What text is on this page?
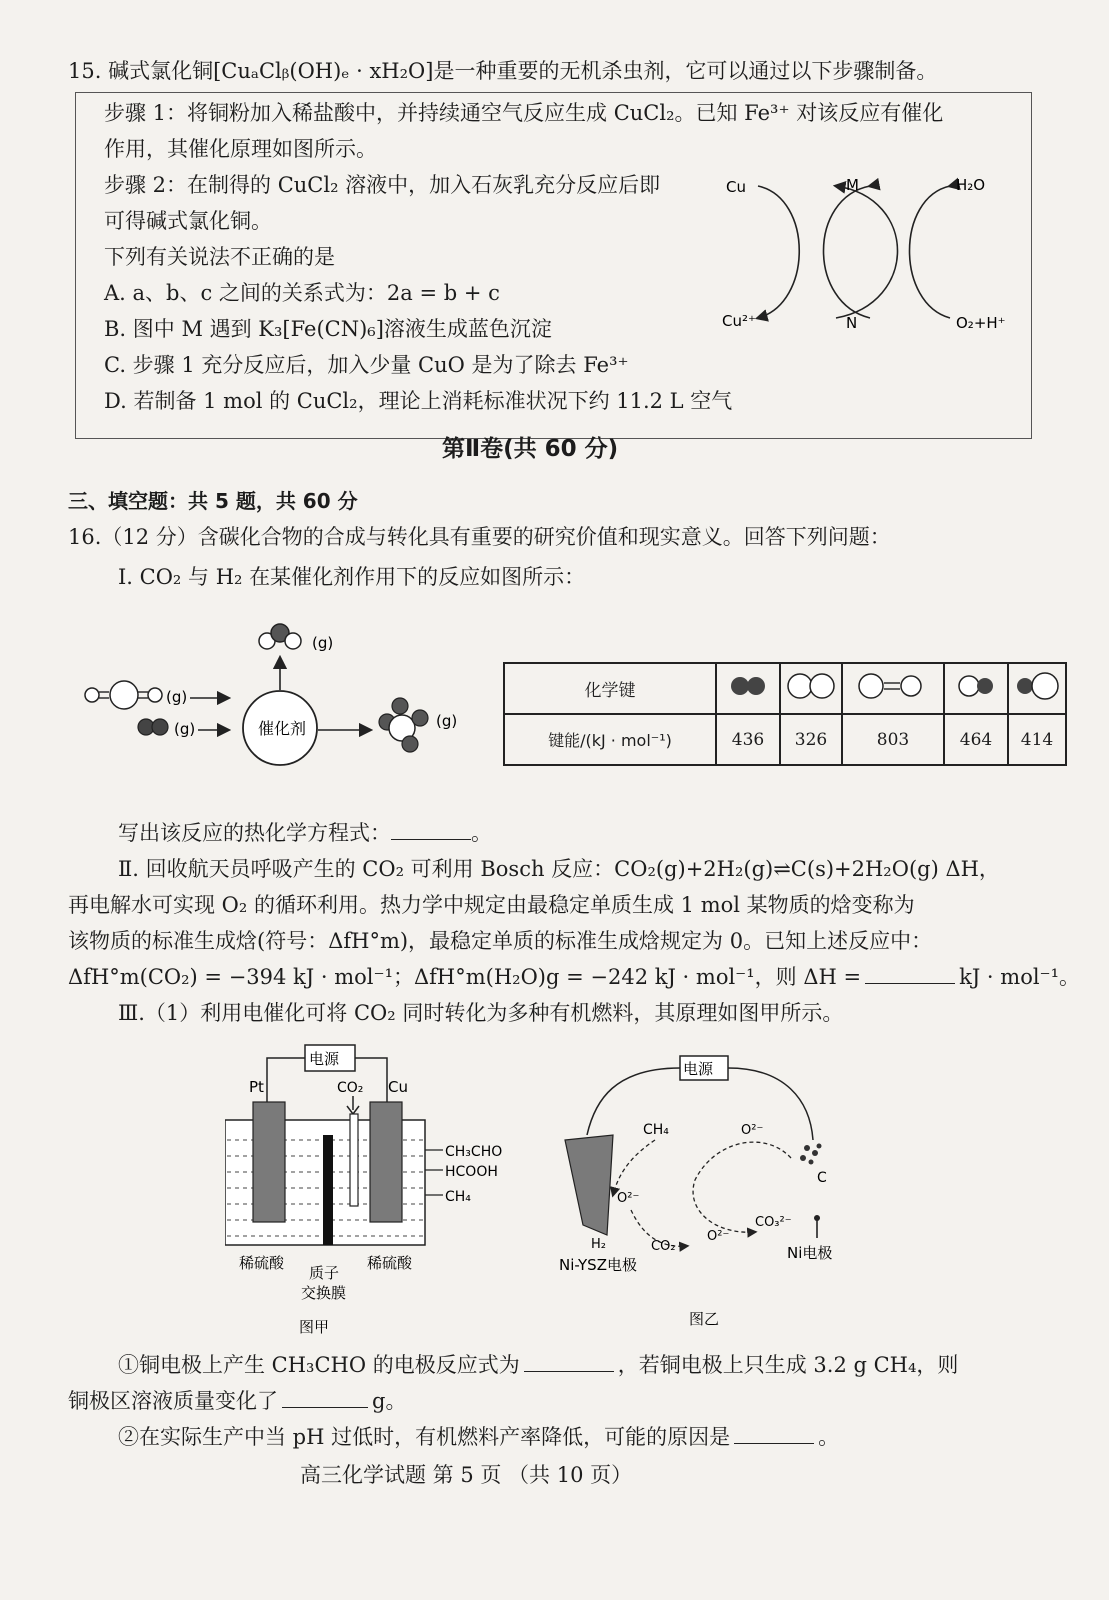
15. 碱式氯化铜[CuₐClᵦ(OH)ₑ · xH₂O]是一种重要的无机杀虫剂，它可以通过以下步骤制备。
步骤 1：将铜粉加入稀盐酸中，并持续通空气反应生成 CuCl₂。已知 Fe³⁺ 对该反应有催化
作用，其催化原理如图所示。
步骤 2：在制得的 CuCl₂ 溶液中，加入石灰乳充分反应后即
可得碱式氯化铜。
下列有关说法不正确的是
A. a、b、c 之间的关系式为：2a = b + c
B. 图中 M 遇到 K₃[Fe(CN)₆]溶液生成蓝色沉淀
C. 步骤 1 充分反应后，加入少量 CuO 是为了除去 Fe³⁺
D. 若制备 1 mol 的 CuCl₂，理论上消耗标准状况下约 11.2 L 空气
Cu
Cu²⁺
M
N
H₂O
O₂+H⁺
第Ⅱ卷(共 60 分)
三、填空题：共 5 题，共 60 分
16.（12 分）含碳化合物的合成与转化具有重要的研究价值和现实意义。回答下列问题：
Ⅰ. CO₂ 与 H₂ 在某催化剂作用下的反应如图所示：
(g)
(g)
(g)	催化剂	(g)
化学键					
键能/(kJ · mol⁻¹)	436	326	803	464	414
写出该反应的热化学方程式：	。
Ⅱ. 回收航天员呼吸产生的 CO₂ 可利用 Bosch 反应：CO₂(g)+2H₂(g)⇌C(s)+2H₂O(g) ΔH，
再电解水可实现 O₂ 的循环利用。热力学中规定由最稳定单质生成 1 mol 某物质的焓变称为
该物质的标准生成焓(符号：ΔfH°m)，最稳定单质的标准生成焓规定为 0。已知上述反应中：
ΔfH°m(CO₂) = −394 kJ · mol⁻¹；ΔfH°m(H₂O)g = −242 kJ · mol⁻¹，则 ΔH =	kJ · mol⁻¹。
Ⅲ.（1）利用电催化可将 CO₂ 同时转化为多种有机燃料，其原理如图甲所示。
电源
Pt	CO₂ Cu
CH₃CHO
HCOOH
CH₄
稀硫酸
质子
交换膜
稀硫酸
图甲
电源
CH₄	O²⁻
C
O²⁻
O²⁻
CO₃²⁻
H₂	CO₂
Ni-YSZ电极
Ni电极
图乙
①铜电极上产生 CH₃CHO 的电极反应式为	，若铜电极上只生成 3.2 g CH₄，则
铜极区溶液质量变化了	g。
②在实际生产中当 pH 过低时，有机燃料产率降低，可能的原因是	。
高三化学试题 第 5 页 （共 10 页）
